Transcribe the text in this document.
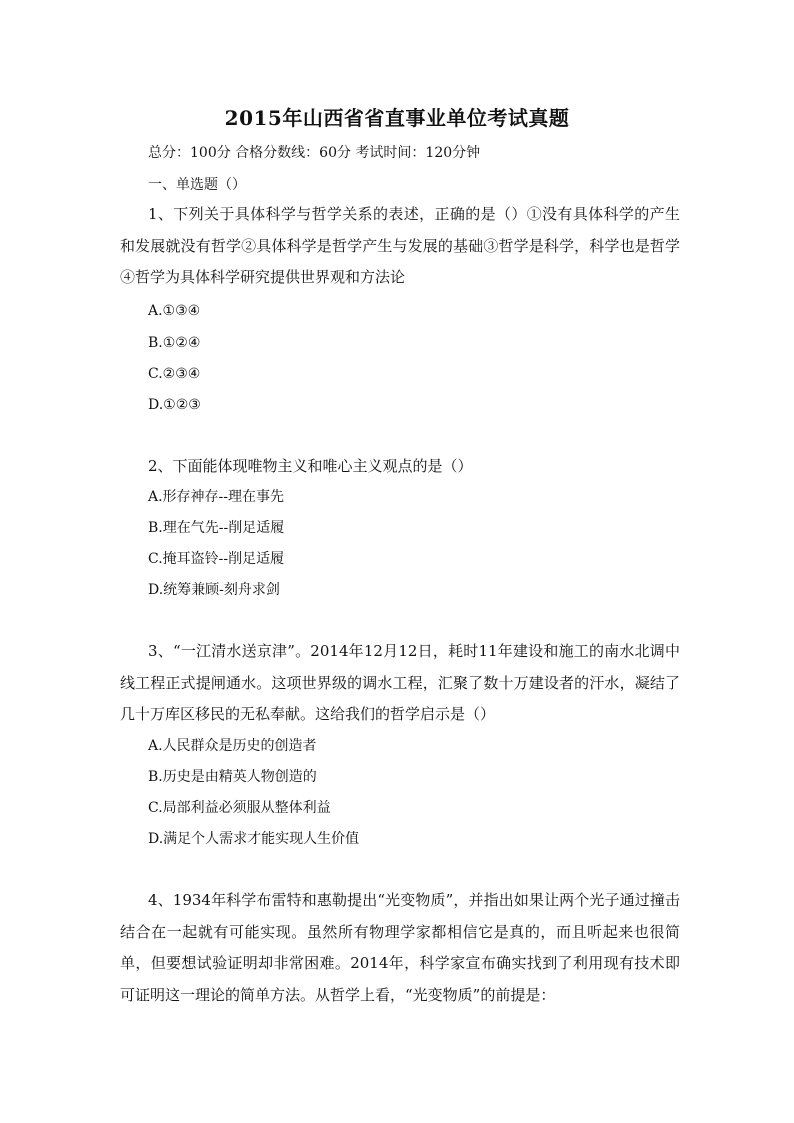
2015年山西省省直事业单位考试真题
总分：100分 合格分数线：60分 考试时间：120分钟
一、单选题（）
1、下列关于具体科学与哲学关系的表述，正确的是（）①没有具体科学的产生和发展就没有哲学②具体科学是哲学产生与发展的基础③哲学是科学，科学也是哲学④哲学为具体科学研究提供世界观和方法论
A.①③④
B.①②④
C.②③④
D.①②③
2、下面能体现唯物主义和唯心主义观点的是（）
A.形存神存--理在事先
B.理在气先--削足适履
C.掩耳盗铃--削足适履
D.统筹兼顾-刻舟求剑
3、“一江清水送京津”。2014年12月12日，耗时11年建设和施工的南水北调中线工程正式提闸通水。这项世界级的调水工程，汇聚了数十万建设者的汗水，凝结了几十万库区移民的无私奉献。这给我们的哲学启示是（）
A.人民群众是历史的创造者
B.历史是由精英人物创造的
C.局部利益必须服从整体利益
D.满足个人需求才能实现人生价值
4、1934年科学布雷特和惠勒提出“光变物质”，并指出如果让两个光子通过撞击结合在一起就有可能实现。虽然所有物理学家都相信它是真的，而且听起来也很简单，但要想试验证明却非常困难。2014年，科学家宣布确实找到了利用现有技术即可证明这一理论的简单方法。从哲学上看，“光变物质”的前提是：
